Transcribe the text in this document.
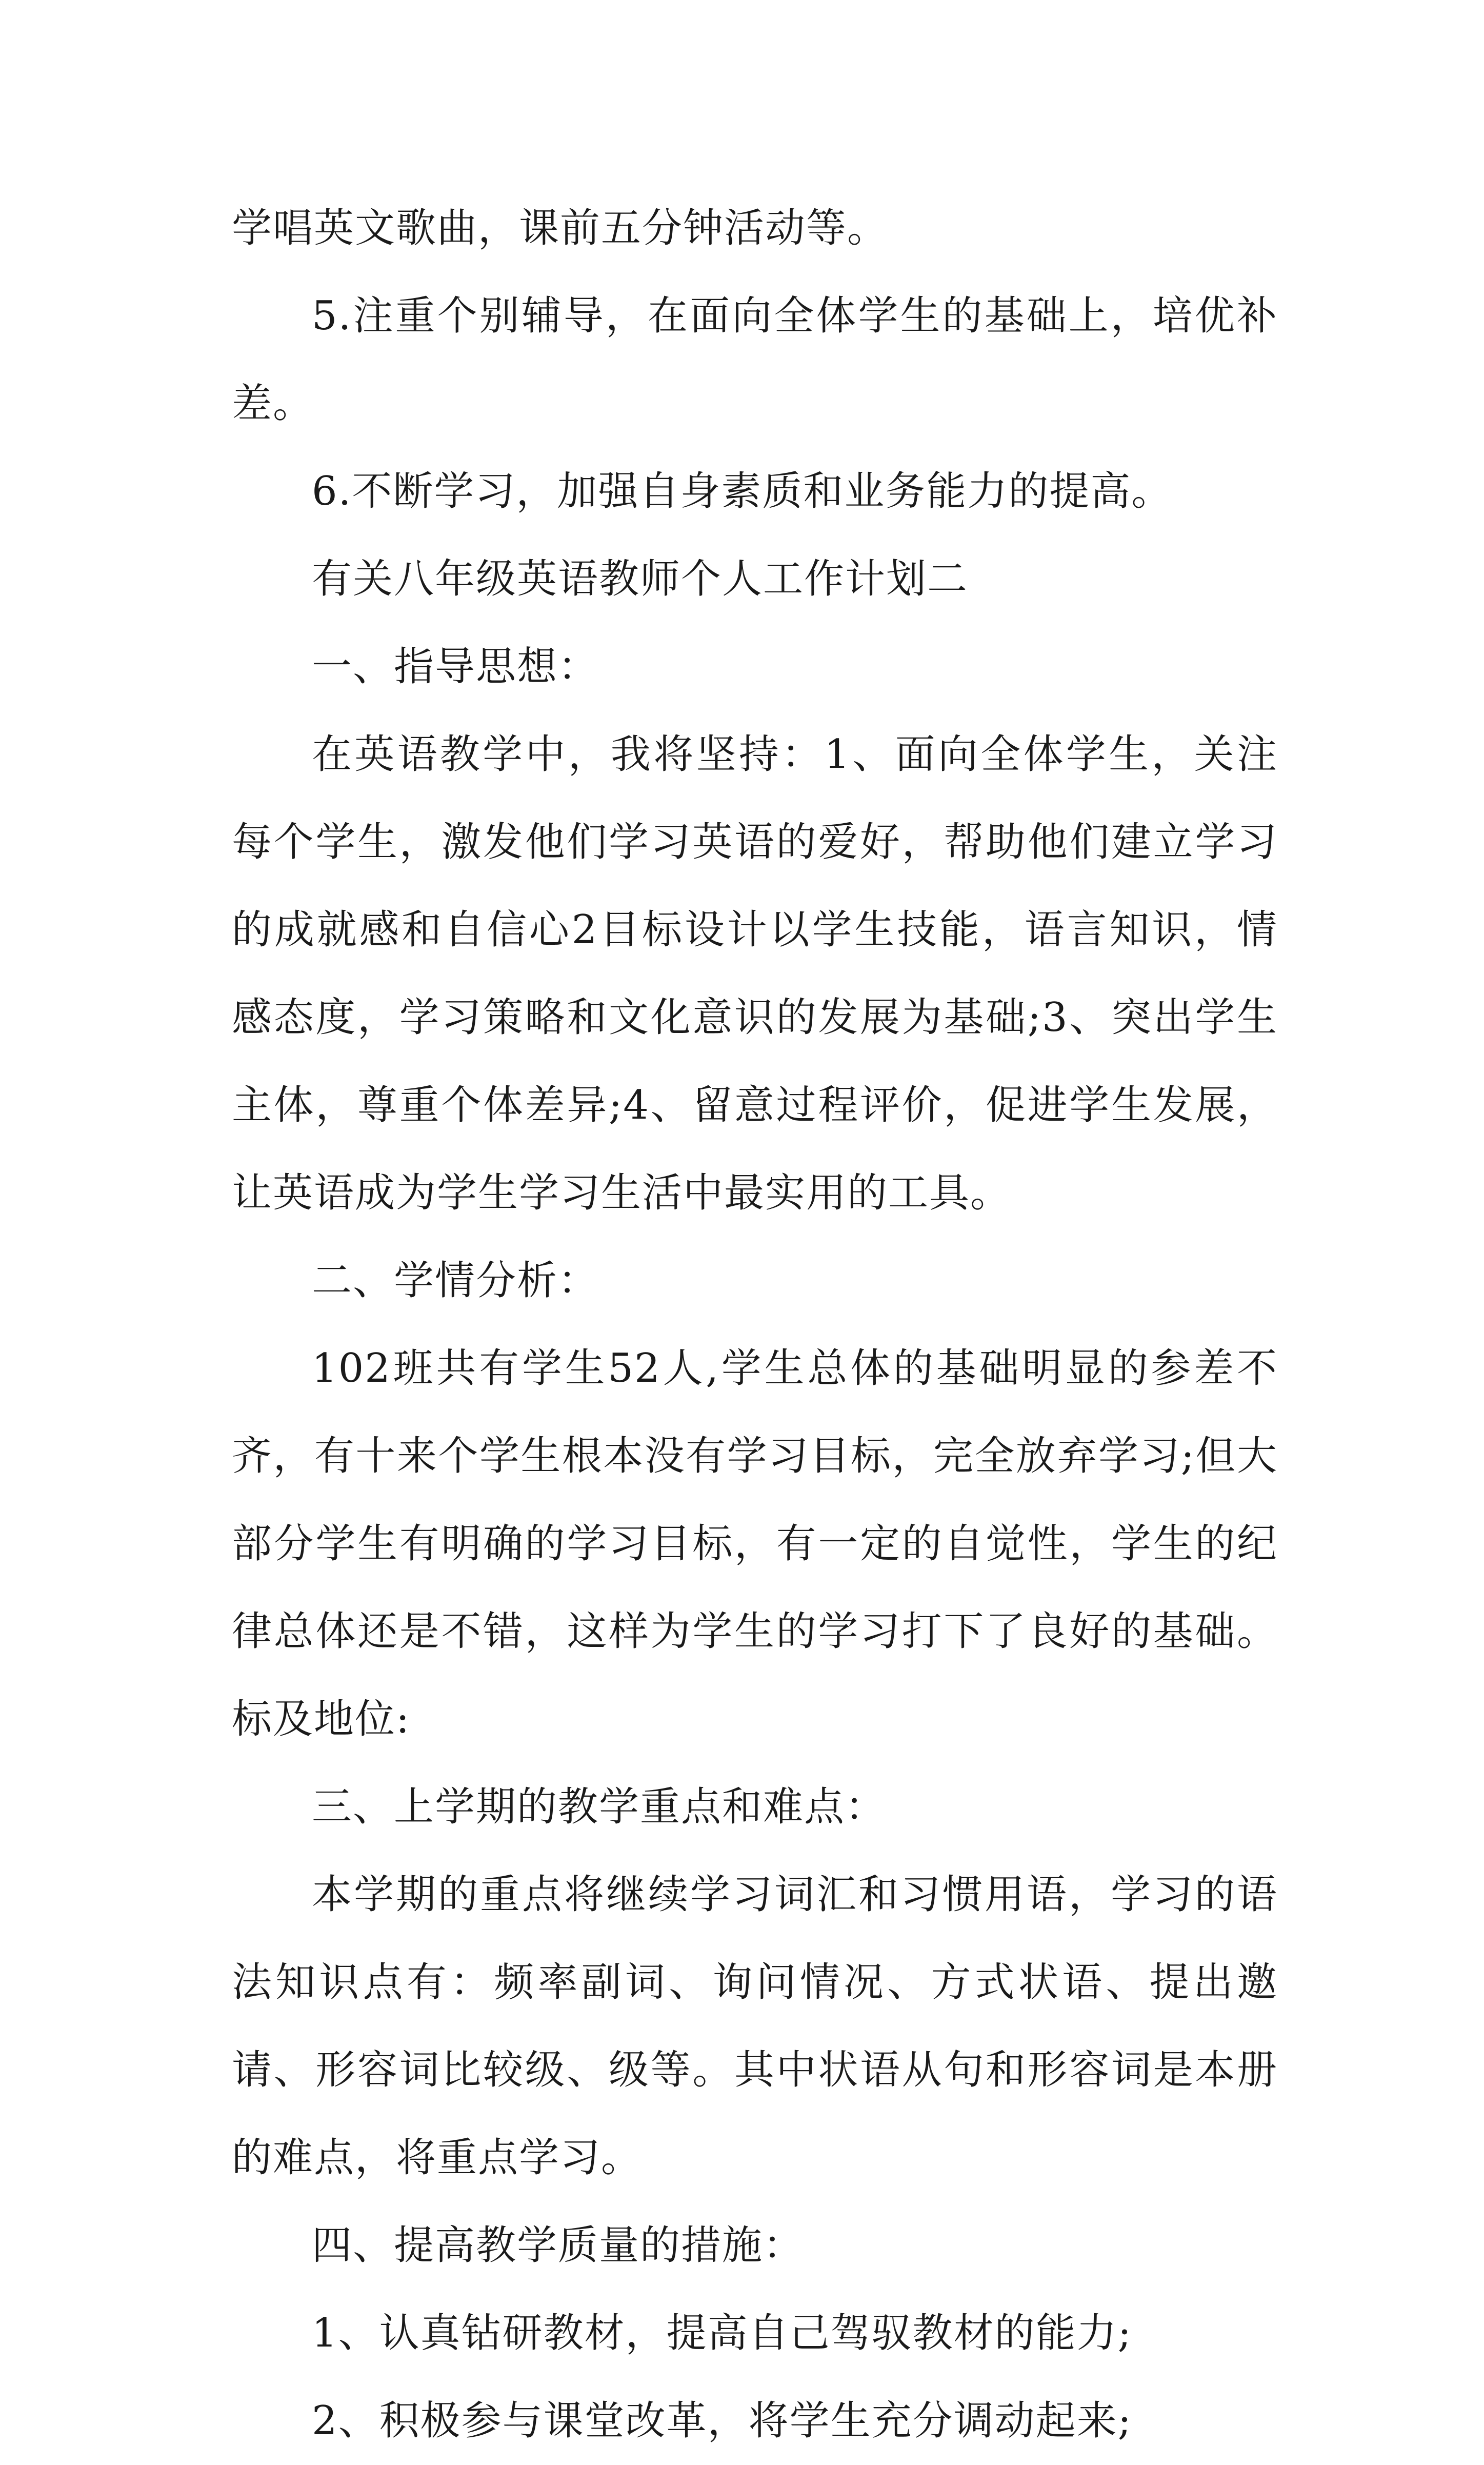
学唱英文歌曲，课前五分钟活动等。

5.注重个别辅导，在面向全体学生的基础上，培优补差。

6.不断学习，加强自身素质和业务能力的提高。

有关八年级英语教师个人工作计划二

一、指导思想：

在英语教学中，我将坚持：1、面向全体学生，关注每个学生，激发他们学习英语的爱好，帮助他们建立学习的成就感和自信心2目标设计以学生技能，语言知识，情感态度，学习策略和文化意识的发展为基础;3、突出学生主体，尊重个体差异;4、留意过程评价，促进学生发展， 让英语成为学生学习生活中最实用的工具。

二、学情分析：

102班共有学生52人,学生总体的基础明显的参差不齐，有十来个学生根本没有学习目标，完全放弃学习;但大部分学生有明确的学习目标，有一定的自觉性，学生的纪律总体还是不错，这样为学生的学习打下了良好的基础。标及地位:

三、上学期的教学重点和难点：

本学期的重点将继续学习词汇和习惯用语，学习的语法知识点有：频率副词、询问情况、方式状语、提出邀请、形容词比较级、级等。其中状语从句和形容词是本册的难点，将重点学习。

四、提高教学质量的措施：

1、认真钻研教材，提高自己驾驭教材的能力;

2、积极参与课堂改革，将学生充分调动起来;
